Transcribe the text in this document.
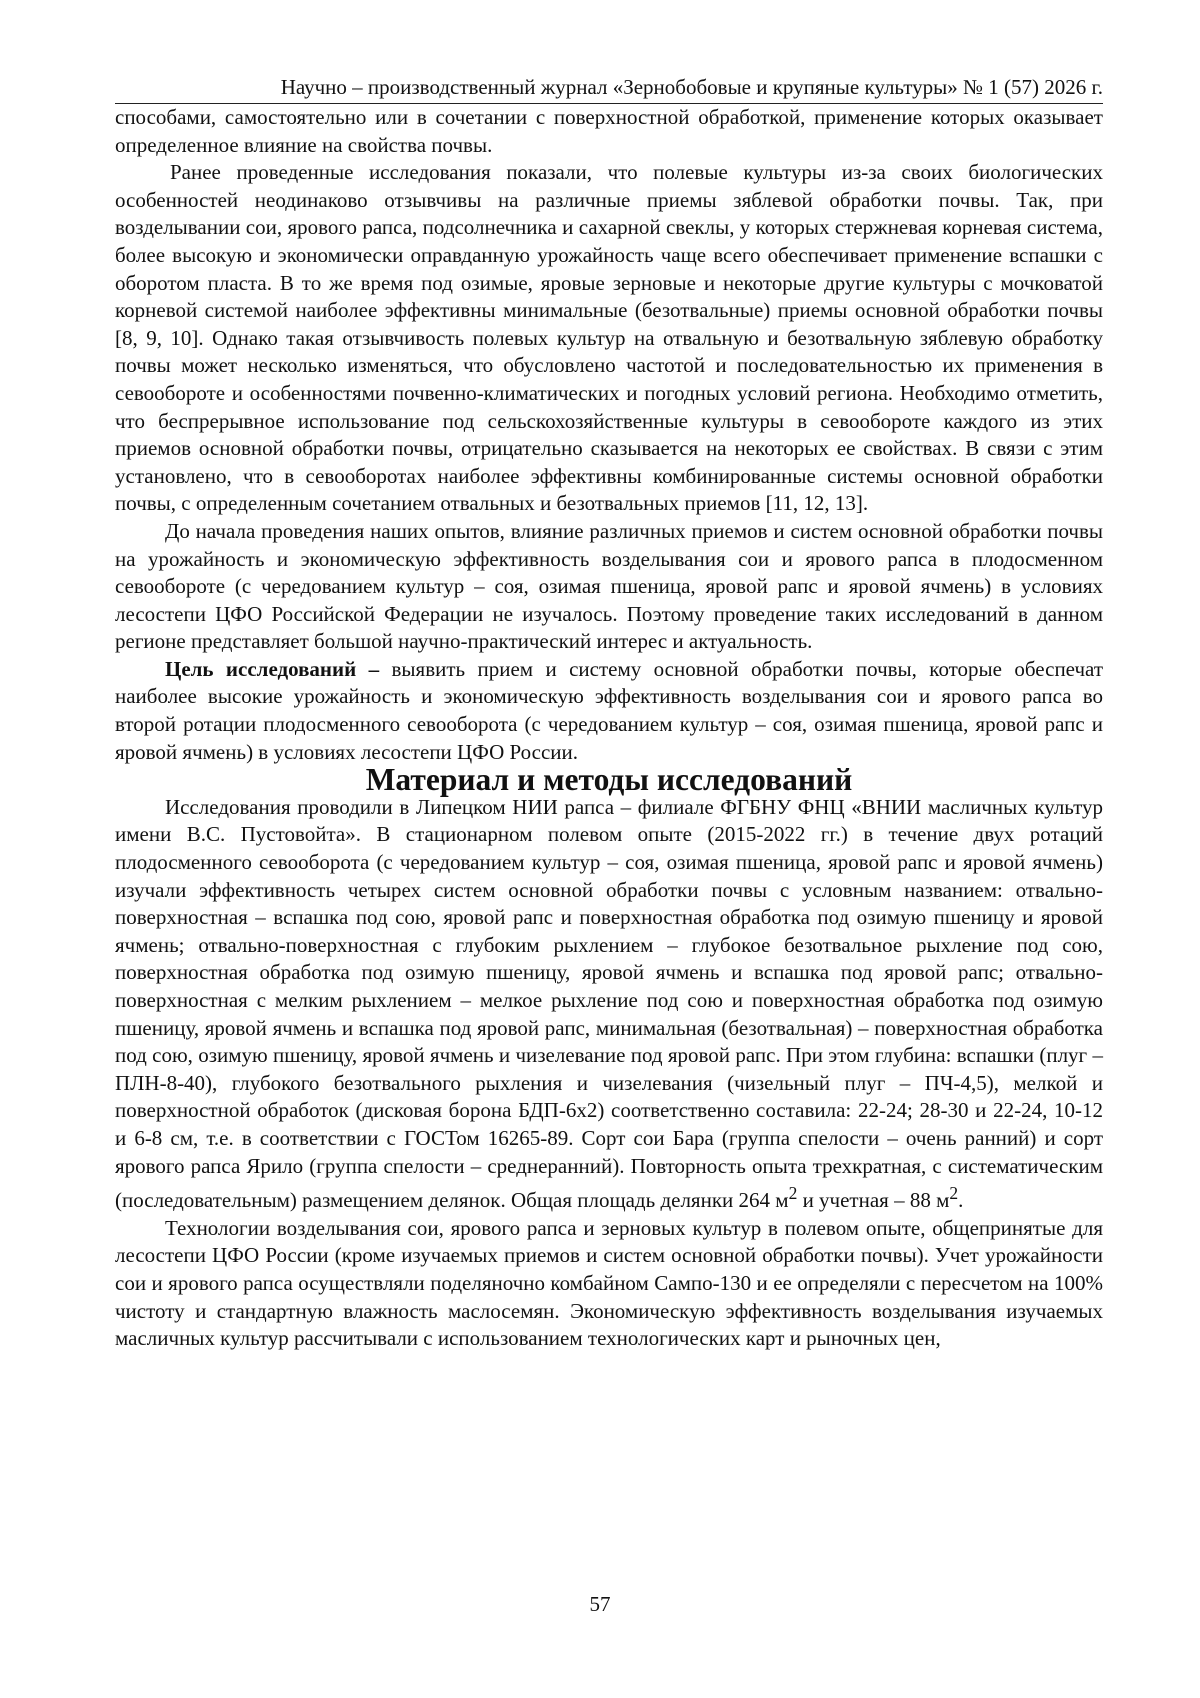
Научно – производственный журнал «Зернобобовые и крупяные культуры» № 1 (57) 2026 г.

способами, самостоятельно или в сочетании с поверхностной обработкой, применение которых оказывает определенное влияние на свойства почвы.

Ранее проведенные исследования показали, что полевые культуры из-за своих биологических особенностей неодинаково отзывчивы на различные приемы зяблевой обработки почвы. Так, при возделывании сои, ярового рапса, подсолнечника и сахарной свеклы, у которых стержневая корневая система, более высокую и экономически оправданную урожайность чаще всего обеспечивает применение вспашки с оборотом пласта. В то же время под озимые, яровые зерновые и некоторые другие культуры с мочковатой корневой системой наиболее эффективны минимальные (безотвальные) приемы основной обработки почвы [8, 9, 10]. Однако такая отзывчивость полевых культур на отвальную и безотвальную зяблевую обработку почвы может несколько изменяться, что обусловлено частотой и последовательностью их применения в севообороте и особенностями почвенно-климатических и погодных условий региона. Необходимо отметить, что беспрерывное использование под сельскохозяйственные культуры в севообороте каждого из этих приемов основной обработки почвы, отрицательно сказывается на некоторых ее свойствах. В связи с этим установлено, что в севооборотах наиболее эффективны комбинированные системы основной обработки почвы, с определенным сочетанием отвальных и безотвальных приемов [11, 12, 13].

До начала проведения наших опытов, влияние различных приемов и систем основной обработки почвы на урожайность и экономическую эффективность возделывания сои и ярового рапса в плодосменном севообороте (с чередованием культур – соя, озимая пшеница, яровой рапс и яровой ячмень) в условиях лесостепи ЦФО Российской Федерации не изучалось. Поэтому проведение таких исследований в данном регионе представляет большой научно-практический интерес и актуальность.

Цель исследований – выявить прием и систему основной обработки почвы, которые обеспечат наиболее высокие урожайность и экономическую эффективность возделывания сои и ярового рапса во второй ротации плодосменного севооборота (с чередованием культур – соя, озимая пшеница, яровой рапс и яровой ячмень) в условиях лесостепи ЦФО России.

Материал и методы исследований

Исследования проводили в Липецком НИИ рапса – филиале ФГБНУ ФНЦ «ВНИИ масличных культур имени В.С. Пустовойта». В стационарном полевом опыте (2015-2022 гг.) в течение двух ротаций плодосменного севооборота (с чередованием культур – соя, озимая пшеница, яровой рапс и яровой ячмень) изучали эффективность четырех систем основной обработки почвы с условным названием: отвально-поверхностная – вспашка под сою, яровой рапс и поверхностная обработка под озимую пшеницу и яровой ячмень; отвально-поверхностная с глубоким рыхлением – глубокое безотвальное рыхление под сою, поверхностная обработка под озимую пшеницу, яровой ячмень и вспашка под яровой рапс; отвально-поверхностная с мелким рыхлением – мелкое рыхление под сою и поверхностная обработка под озимую пшеницу, яровой ячмень и вспашка под яровой рапс, минимальная (безотвальная) – поверхностная обработка под сою, озимую пшеницу, яровой ячмень и чизелевание под яровой рапс. При этом глубина: вспашки (плуг – ПЛН-8-40), глубокого безотвального рыхления и чизелевания (чизельный плуг – ПЧ-4,5), мелкой и поверхностной обработок (дисковая борона БДП-6х2) соответственно составила: 22-24; 28-30 и 22-24, 10-12 и 6-8 см, т.е. в соответствии с ГОСТом 16265-89. Сорт сои Бара (группа спелости – очень ранний) и сорт ярового рапса Ярило (группа спелости – среднеранний). Повторность опыта трехкратная, с систематическим (последовательным) размещением делянок. Общая площадь делянки 264 $м^2$ и учетная – 88 $м^2$.

Технологии возделывания сои, ярового рапса и зерновых культур в полевом опыте, общепринятые для лесостепи ЦФО России (кроме изучаемых приемов и систем основной обработки почвы). Учет урожайности сои и ярового рапса осуществляли поделяночно комбайном Сампо-130 и ее определяли с пересчетом на 100% чистоту и стандартную влажность маслосемян. Экономическую эффективность возделывания изучаемых масличных культур рассчитывали с использованием технологических карт и рыночных цен,

57
